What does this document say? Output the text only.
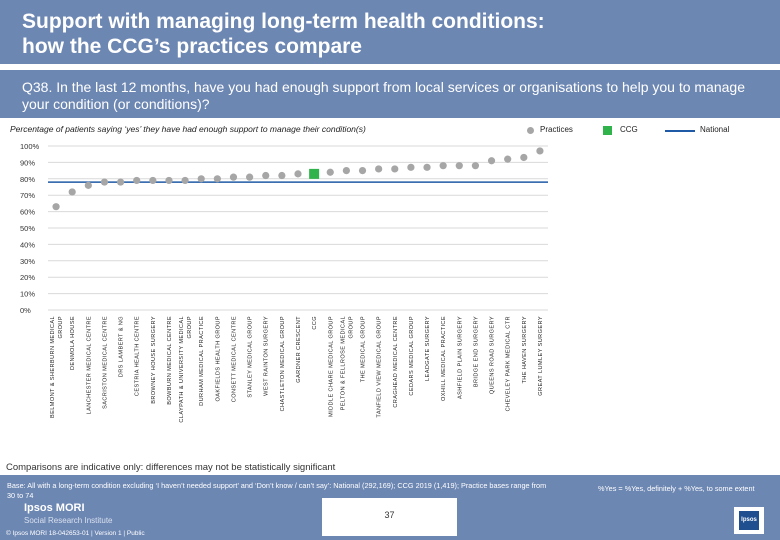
Support with managing long-term health conditions:
how the CCG’s practices compare
Q38. In the last 12 months, have you had enough support from local services or organisations to help you to manage your condition (or conditions)?
Percentage of patients saying ‘yes’ they have had enough support to manage their condition(s)	Practices	CCG	National
0%
10%
20%
30%
40%
50%
60%
70%
80%
90%
100%
BELMONT & SHERBURN MEDICAL GROUP DENMOLA HOUSE LANCHESTER MEDICAL CENTRE SACRISTON MEDICAL CENTRE DRS LAMBERT & NG CESTRIA HEALTH CENTRE BROWNEY HOUSE SURGERY BOWBURN MEDICAL CENTRE CLAYPATH & UNIVERSITY MEDICAL GROUP DURHAM MEDICAL PRACTICE OAKFIELDS HEALTH GROUP CONSETT MEDICAL CENTRE STANLEY MEDICAL GROUP WEST RAINTON SURGERY CHASTLETON MEDICAL GROUP GARDNER CRESCENT CCG MIDDLE CHARE MEDICAL GROUP PELTON & FELLROSE MEDICAL GROUP THE MEDICAL GROUP TANFIELD VIEW MEDICAL GROUP CRAGHEAD MEDICAL CENTRE CEDARS MEDICAL GROUP LEADGATE SURGERY OXHILL MEDICAL PRACTICE ASHFIELD PLAIN SURGERY BRIDGE END SURGERY QUEENS ROAD SURGERY CHEVELEY PARK MEDICAL CTR THE HAVEN SURGERY GREAT LUMLEY SURGERY
Comparisons are indicative only: differences may not be statistically significant
Base: All with a long-term condition excluding ‘I haven’t needed support’ and ‘Don’t know / can’t say’: National (292,169); CCG 2019 (1,419); Practice bases range from 30 to 74
%Yes = %Yes, definitely + %Yes, to some extent
37
Ipsos MORI
Social Research Institute
© Ipsos MORI 18-042653-01 | Version 1 | Public
Ipsos
